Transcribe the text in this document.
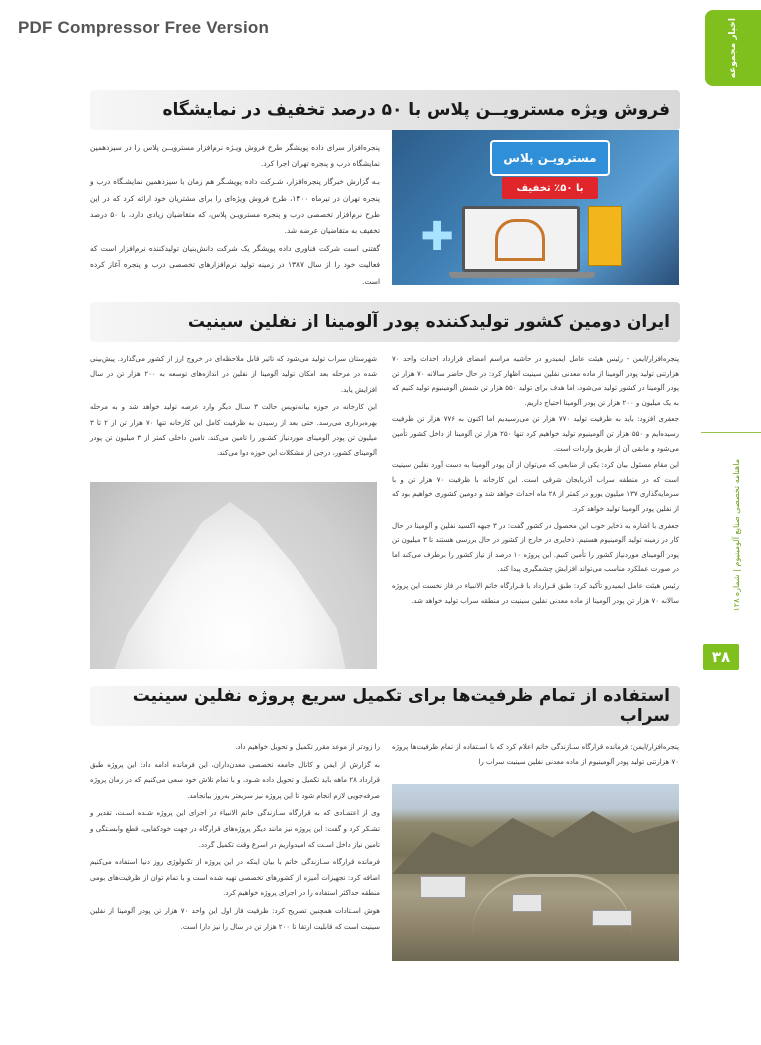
PDF Compressor Free Version	اخبار مجموعه
ماهنامه تخصصی صنایع آلومینیوم | شماره ۱۲۸
۳۸
فروش ویژه مسترویــن پلاس با ۵۰ درصد تخفیف در نمایشگاه
مسترویـن پلاس
با ۵۰٪ تخفیف
✚

پنجره‌افزار سرای داده پویشگر طرح فروش ویـژه نرم‌افزار مسترویــن پلاس را در سیزدهمین نمایشگاه درب و پنجره تهران اجرا کرد.

بـه گزارش خبرگار پنجره‌افزار، شـرکت داده پویشـگر هم زمان با سیزدهمین نمایشـگاه درب و پنجره تهران در تیرماه ۱۴۰۰، طرح فروش ویژه‌ای را برای مشتریان خود ارائه کرد که در این طرح نرم‌افزار تخصصی درب و پنجره مسترویـن پلاس، که متقاضیان زیادی دارد، با ۵۰ درصد تخفیف به متقاضیان عرضه شد.

گفتنی است شرکت فناوری داده پویشگر یک شرکت دانش‌بنیان تولیدکننده نرم‌افزار است که فعالیت خود را از سال ۱۳۸۷ در زمینه تولید نرم‌افزارهای تخصصی درب و پنجره آغاز کرده است.

ایران دومین کشور تولیدکننده پودر آلومینا از نفلین سینیت

پنجره‌افزار/ایمن - رئیس هیئت عامل ایمیدرو در حاشیه مراسم امضای قرارداد احداث واحد ۷۰ هزارتنی تولید پودر آلومینا از ماده معدنی نفلین سینیت اظهار کرد: در حال حاضر سالانه ۷۰ هزار تن پودر آلومینا در کشور تولید می‌شود، اما هدف برای تولید ۵۵۰ هزار تن شمش آلومینیوم تولید کنیم که به یک میلیون و ۲۰۰ هزار تن پودر آلومینا احتیاج داریم.

جعفری افزود: باید به ظرفیت تولید ۷۷۰ هزار تن می‌رسیدیم اما اکنون به ۷۷۶ هزار تن ظرفیت رسیده‌ایم و ۵۵۰ هزار تن آلومینیوم تولید خواهیم کرد تنها ۲۵۰ هزار تن آلومینا از داخل کشور تأمین می‌شود و مابقی آن از طریق واردات است.

این مقام مسئول بیان کرد: یکی از منابعی که می‌توان از آن پودر آلومینا به دست آورد نفلین سینیت است که در منطقه سراب آذربایجان شرقی است. این کارخانه با ظرفیت ۷۰ هزار تن و با سرمایه‌گذاری ۱۳۷ میلیون یورو در کمتر از ۲۸ ماه احداث خواهد شد و دومین کشوری خواهیم بود که از نفلین پودر آلومینا تولید خواهد کرد.

جعفری با اشاره به ذخایر خوب این محصول در کشور گفت: در ۳ جبهه اکسید نفلین و آلومینا در حال کار در زمینه تولید آلومینیوم هستیم. ذخایری در خارج از کشور در حال بررسی هستند تا ۳ میلیون تن پودر آلومینای موردنیاز کشور را تأمین کنیم. این پروژه ۱۰ درصد از نیاز کشور را برطرف می‌کند اما در صورت عملکرد مناسب می‌تواند افزایش چشمگیری پیدا کند.

رئیس هیئت عامل ایمیدرو تأکید کرد: طبق قـرارداد با قـرارگاه خاتم الانبیاء در فاز نخست این پروژه سالانه ۷۰ هزار تن پودر آلومینا از ماده معدنی نفلین سینیت در منطقه سراب تولید خواهد شد.

شهرستان سراب تولید می‌شود که تاثیر قابل ملاحظه‌ای در خروج ارز از کشور می‌گذارد. پیش‌بینی شده در مرحله بعد امکان تولید آلومینا از نفلین در اندازه‌های توسعه به ۲۰۰ هزار تن در سال افزایش یابد.

این کارخانه در حوزه‌ بیانه‌نویس حالت ۳ سـال دیگر وارد عرصه تولید خواهد شد و به مرحله بهره‌برداری می‌رسد. حتی بعد از رسیدن به ظرفیت کامل این کارخانه تنها ۷۰ هزار تن از ۲ تا ۳ میلیون تن پودر آلومینای موردنیاز کشـور را تامین می‌کند. تامین داخلی کمتر از ۳ میلیون تن پودر آلومینای کشور، درجی از مشکلات این حوزه دوا می‌کند.

استفاده از تمام ظرفیت‌ها برای تکمیل سریع پروژه نفلین سینیت سراب

پنجره‌افزار/ایمن: فرمانده قرارگاه سـازندگی خاتم اعلام کرد که با اسـتفاده از تمام ظرفیت‌ها پروژه ۷۰ هزارتنی تولید پودر آلومینیوم از ماده معدنی نفلین سینیت سراب را

را زودتر از موعد مقرر تکمیل و تحویل خواهیم داد.

به گزارش از ایمن و کانال جامعه تخصصی معدن‌داران، این فرمانده ادامه داد: این پروژه طبق قرارداد ۲۸ ماهه باید تکمیل و تحویل داده شـود، و با تمام تلاش خود سعی می‌کنیم که در زمان پروژه صرفه‌جویی لازم انجام شود تا این پروژه نیز سریعتر به‌روز بیانجامد.

وی از اعتمـادی که به قرارگاه سـازندگی خاتم الانبیاء در اجرای این پروژه شـده اسـت، تقدیر و تشـکر کرد و گفت: این پروژه نیز مانند دیگر پروژه‌های قرارگاه در جهت خودکفایی، قطع وابسـتگی و تامین نیاز داخل اسـت که امیدواریم در اسرع وقت تکمیل گردد.

فرمانده قرارگاه سـازندگی خاتم با بیان اینکه در این پروژه از تکنولوژی روز دنیا استفاده می‌کنیم اضافه کرد: تجهیزات آمیزه از کشورهای تخصصی تهیه شده است و با تمام توان از ظرفیت‌های بومی منطقه حداکثر استفاده را در اجرای پروژه خواهیم کرد.

هوش اسـتادات همچنین تصریح کرد: ظرفیت فاز اول این واحد ۷۰ هزار تن پودر آلومینا از نفلین سینیت است که قابلیت ارتقا تا ۲۰۰ هزار تن در سال را نیز دارا است.
